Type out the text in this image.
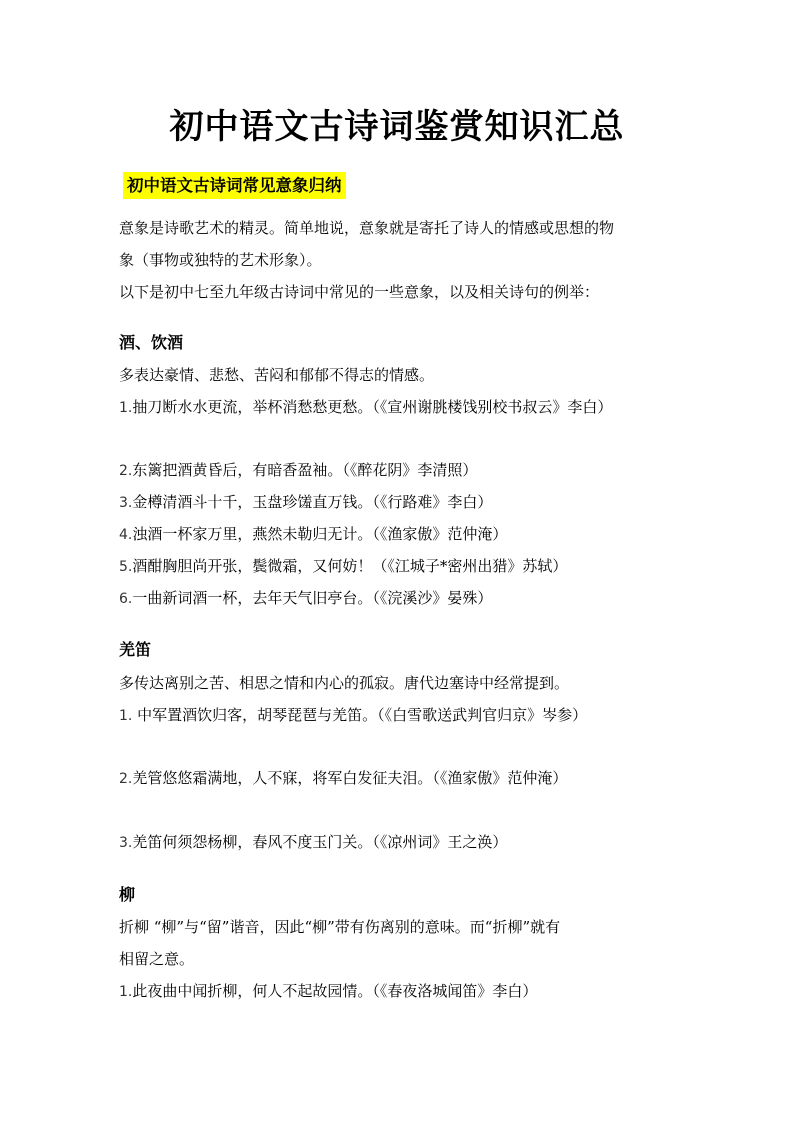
初中语文古诗词鉴赏知识汇总
初中语文古诗词常见意象归纳
意象是诗歌艺术的精灵。简单地说，意象就是寄托了诗人的情感或思想的物
象（事物或独特的艺术形象）。
以下是初中七至九年级古诗词中常见的一些意象，以及相关诗句的例举：
酒、饮酒
多表达豪情、悲愁、苦闷和郁郁不得志的情感。
1.抽刀断水水更流，举杯消愁愁更愁。（《宣州谢朓楼饯别校书叔云》李白）
2.东篱把酒黄昏后，有暗香盈袖。（《醉花阴》李清照）
3.金樽清酒斗十千，玉盘珍馐直万钱。（《行路难》李白）
4.浊酒一杯家万里，燕然未勒归无计。（《渔家傲》范仲淹）
5.酒酣胸胆尚开张，鬓微霜，又何妨！（《江城子*密州出猎》苏轼）
6.一曲新词酒一杯，去年天气旧亭台。（《浣溪沙》晏殊）
羌笛
多传达离别之苦、相思之情和内心的孤寂。唐代边塞诗中经常提到。
1. 中军置酒饮归客，胡琴琵琶与羌笛。（《白雪歌送武判官归京》岑参）
2.羌管悠悠霜满地，人不寐，将军白发征夫泪。（《渔家傲》范仲淹）
3.羌笛何须怨杨柳，春风不度玉门关。（《凉州词》王之涣）
柳
折柳 “柳”与“留”谐音，因此“柳”带有伤离别的意味。而“折柳”就有
相留之意。
1.此夜曲中闻折柳，何人不起故园情。（《春夜洛城闻笛》李白）
